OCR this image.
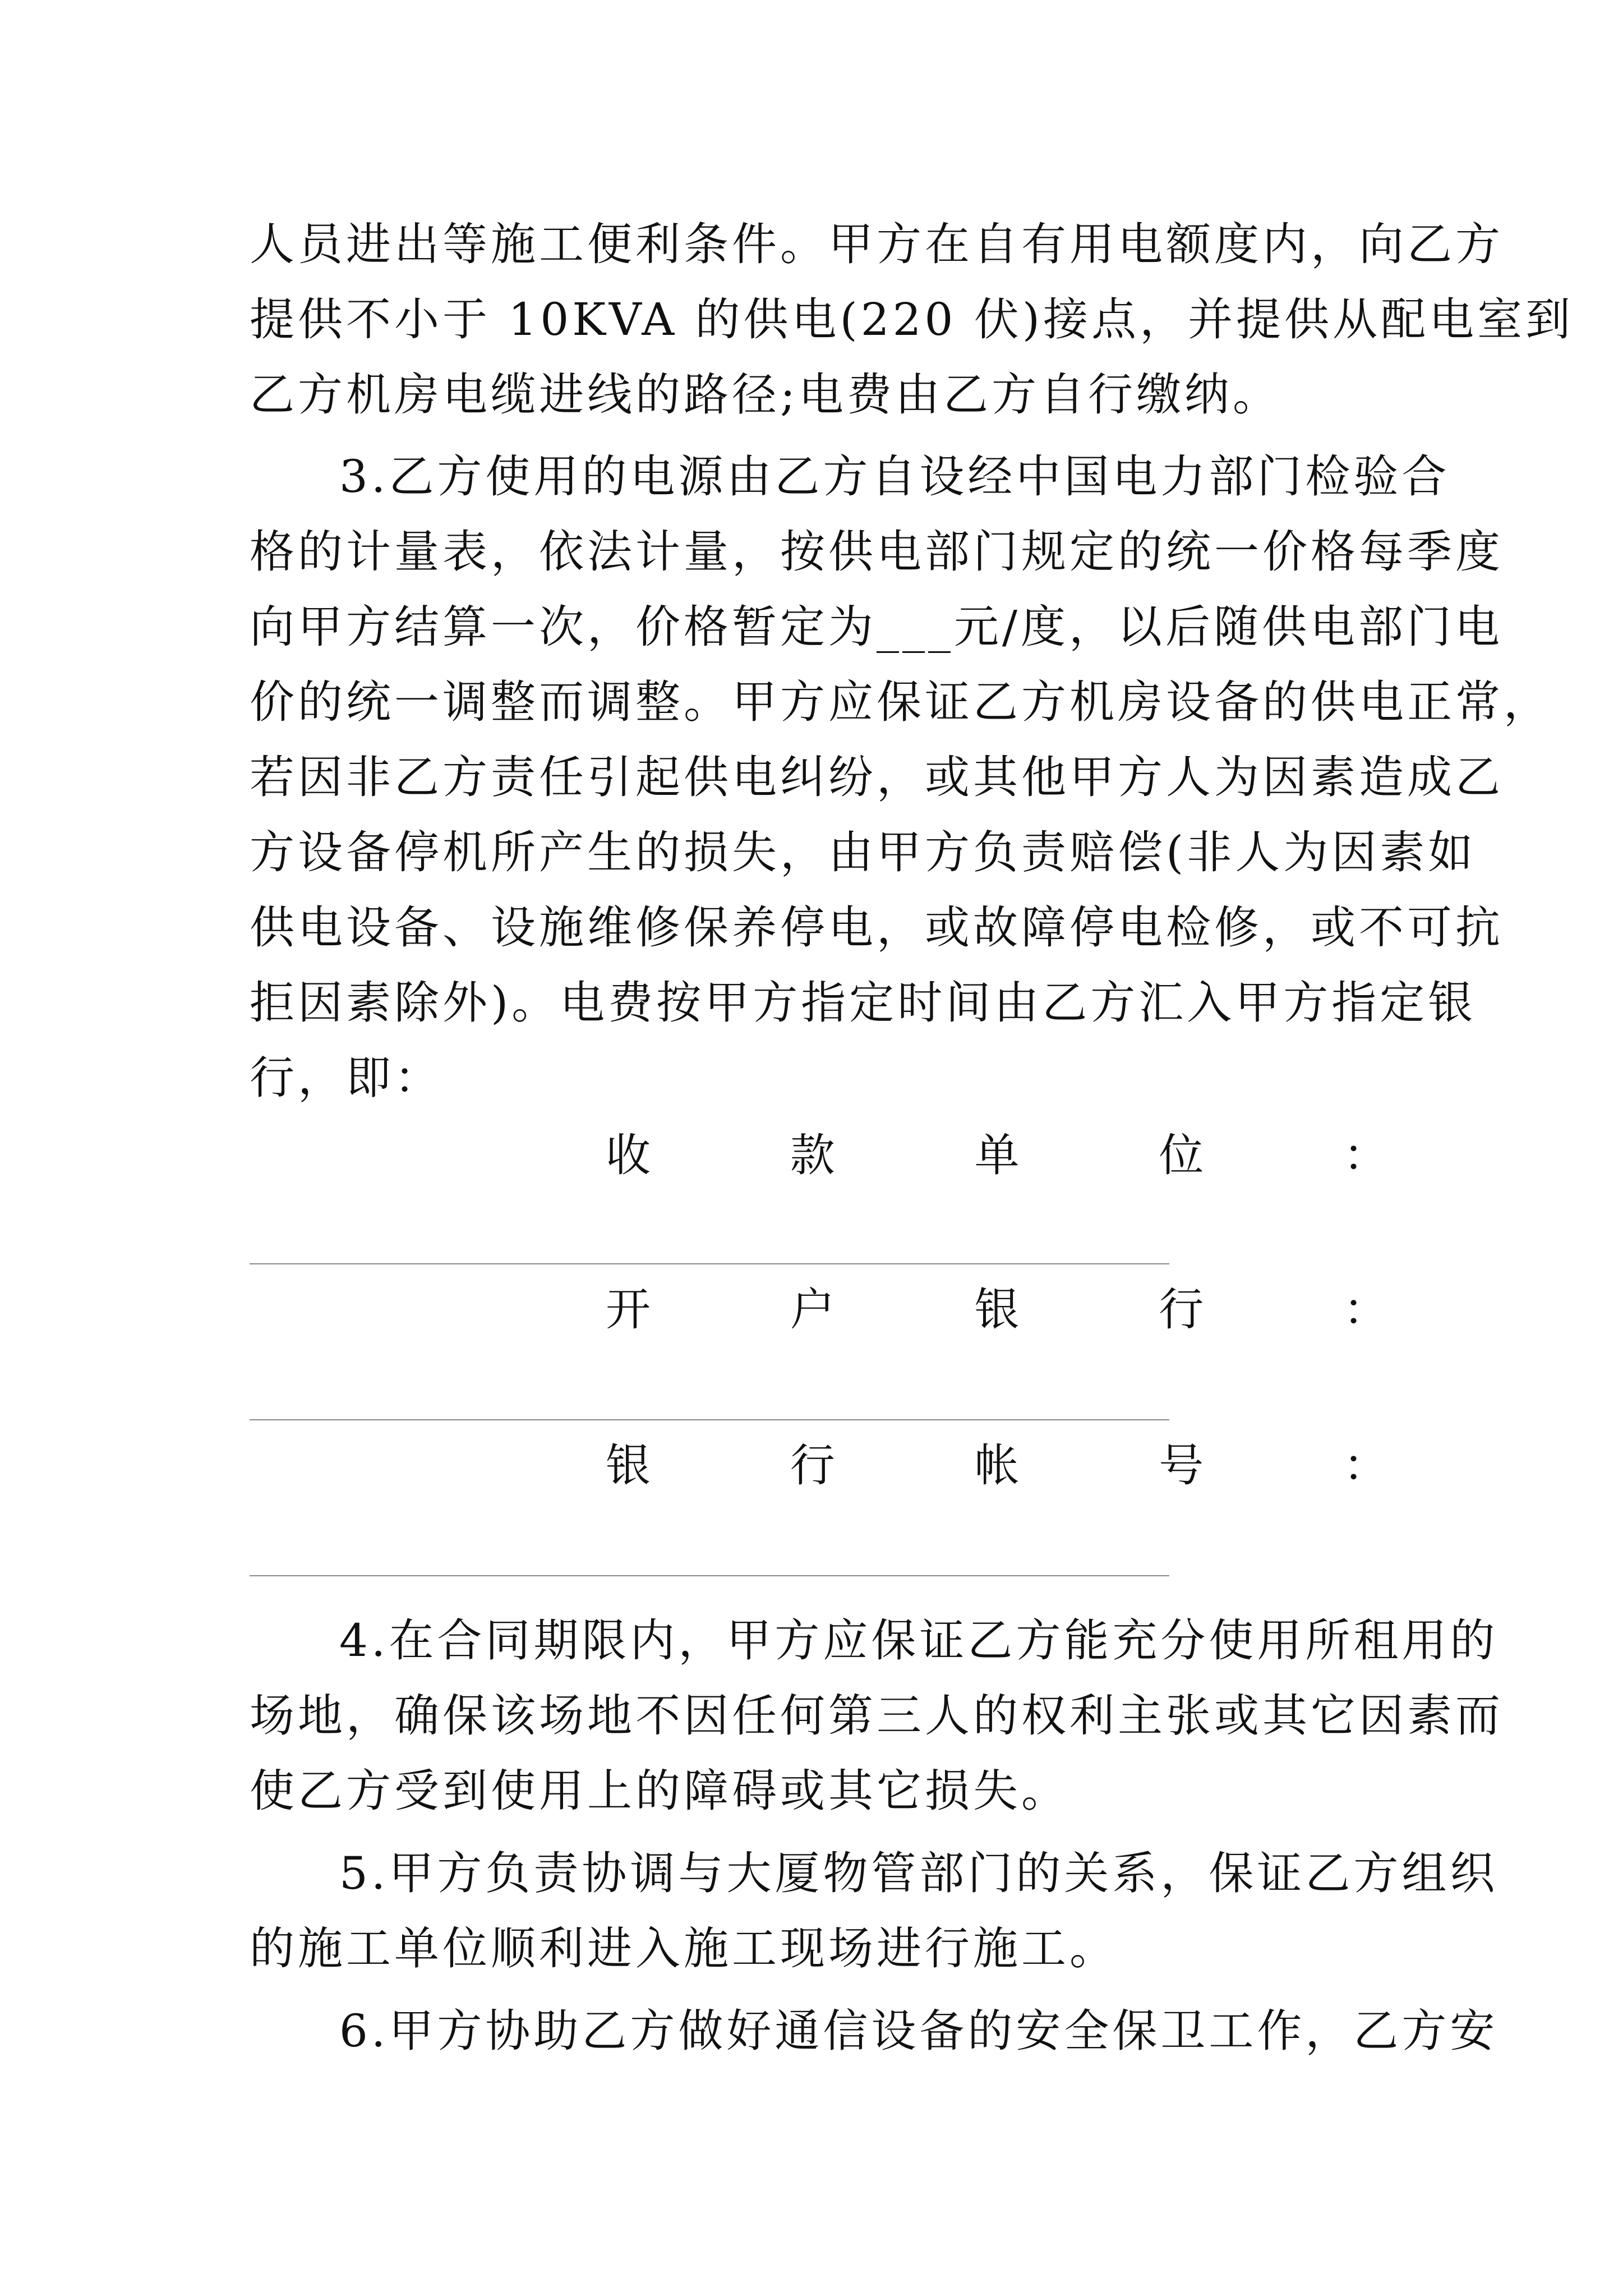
人员进出等施工便利条件。甲方在自有用电额度内，向乙方
提供不小于 10KVA 的供电(220 伏)接点，并提供从配电室到
乙方机房电缆进线的路径;电费由乙方自行缴纳。
3.乙方使用的电源由乙方自设经中国电力部门检验合
格的计量表，依法计量，按供电部门规定的统一价格每季度
向甲方结算一次，价格暂定为___元/度，以后随供电部门电
价的统一调整而调整。甲方应保证乙方机房设备的供电正常，
若因非乙方责任引起供电纠纷，或其他甲方人为因素造成乙
方设备停机所产生的损失，由甲方负责赔偿(非人为因素如
供电设备、设施维修保养停电，或故障停电检修，或不可抗
拒因素除外)。电费按甲方指定时间由乙方汇入甲方指定银
行，即：
收	款	单	位	：
开	户	银	行	：
银	行	帐	号	：
4.在合同期限内，甲方应保证乙方能充分使用所租用的
场地，确保该场地不因任何第三人的权利主张或其它因素而
使乙方受到使用上的障碍或其它损失。
5.甲方负责协调与大厦物管部门的关系，保证乙方组织
的施工单位顺利进入施工现场进行施工。
6.甲方协助乙方做好通信设备的安全保卫工作，乙方安
